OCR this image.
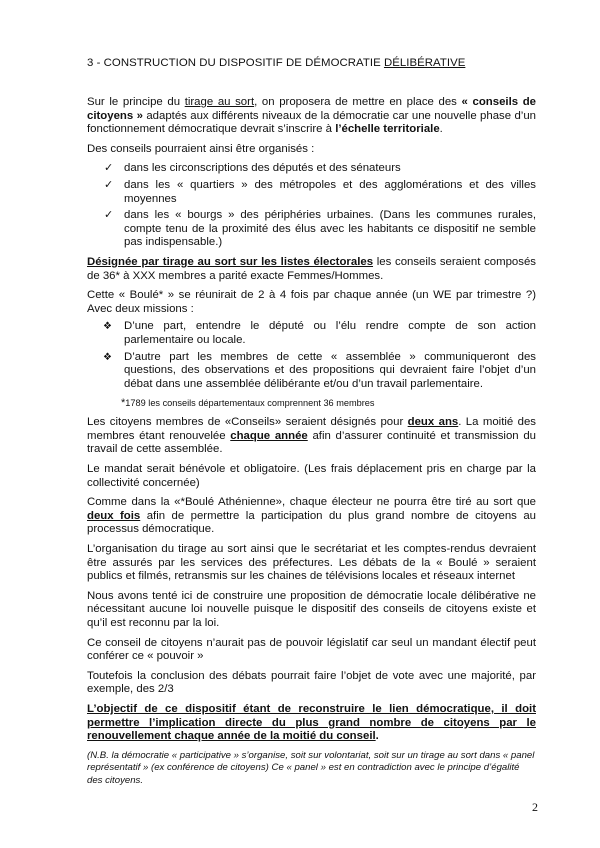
3 - CONSTRUCTION DU DISPOSITIF DE DÉMOCRATIE DÉLIBÉRATIVE

Sur le principe du tirage au sort, on proposera de mettre en place des « conseils de citoyens » adaptés aux différents niveaux de la démocratie car une nouvelle phase d’un fonctionnement démocratique devrait s’inscrire à l’échelle territoriale.

Des conseils pourraient ainsi être organisés :

✓ dans les circonscriptions des députés et des sénateurs
✓ dans les « quartiers » des métropoles et des agglomérations et des villes moyennes
✓ dans les « bourgs » des périphéries urbaines. (Dans les communes rurales, compte tenu de la proximité des élus avec les habitants ce dispositif ne semble pas indispensable.)

Désignée par tirage au sort sur les listes électorales les conseils seraient composés de 36* à XXX membres a parité exacte Femmes/Hommes.

Cette « Boulé* » se réunirait de 2 à 4 fois par chaque année (un WE par trimestre ?) Avec deux missions :

❖	D’une part, entendre le député ou l’élu rendre compte de son action parlementaire ou locale.
❖	D’autre part les membres de cette « assemblée » communiqueront des questions, des observations et des propositions qui devraient faire l’objet d’un débat dans une assemblée délibérante et/ou d’un travail parlementaire.
*1789 les conseils départementaux comprennent 36 membres

Les citoyens membres de «Conseils» seraient désignés pour deux ans. La moitié des membres étant renouvelée chaque année afin d’assurer continuité et transmission du travail de cette assemblée.

Le mandat serait bénévole et obligatoire. (Les frais déplacement pris en charge par la collectivité concernée)

Comme dans la «*Boulé Athénienne», chaque électeur ne pourra être tiré au sort que deux fois afin de permettre la participation du plus grand nombre de citoyens au processus démocratique.

L’organisation du tirage au sort ainsi que le secrétariat et les comptes-rendus devraient être assurés par les services des préfectures. Les débats de la « Boulé » seraient publics et filmés, retransmis sur les chaines de télévisions locales et réseaux internet

Nous avons tenté ici de construire une proposition de démocratie locale délibérative ne nécessitant aucune loi nouvelle puisque le dispositif des conseils de citoyens existe et qu’il est reconnu par la loi.

Ce conseil de citoyens n’aurait pas de pouvoir législatif car seul un mandant électif peut conférer ce « pouvoir »

Toutefois la conclusion des débats pourrait faire l’objet de vote avec une majorité, par exemple, des 2/3

L’objectif de ce dispositif étant de reconstruire le lien démocratique, il doit permettre l’implication directe du plus grand nombre de citoyens par le renouvellement chaque année de la moitié du conseil.

(N.B. la démocratie « participative » s’organise, soit sur volontariat, soit sur un tirage au sort dans « panel représentatif » (ex conférence de citoyens) Ce « panel » est en contradiction avec le principe d’égalité des citoyens.

2
